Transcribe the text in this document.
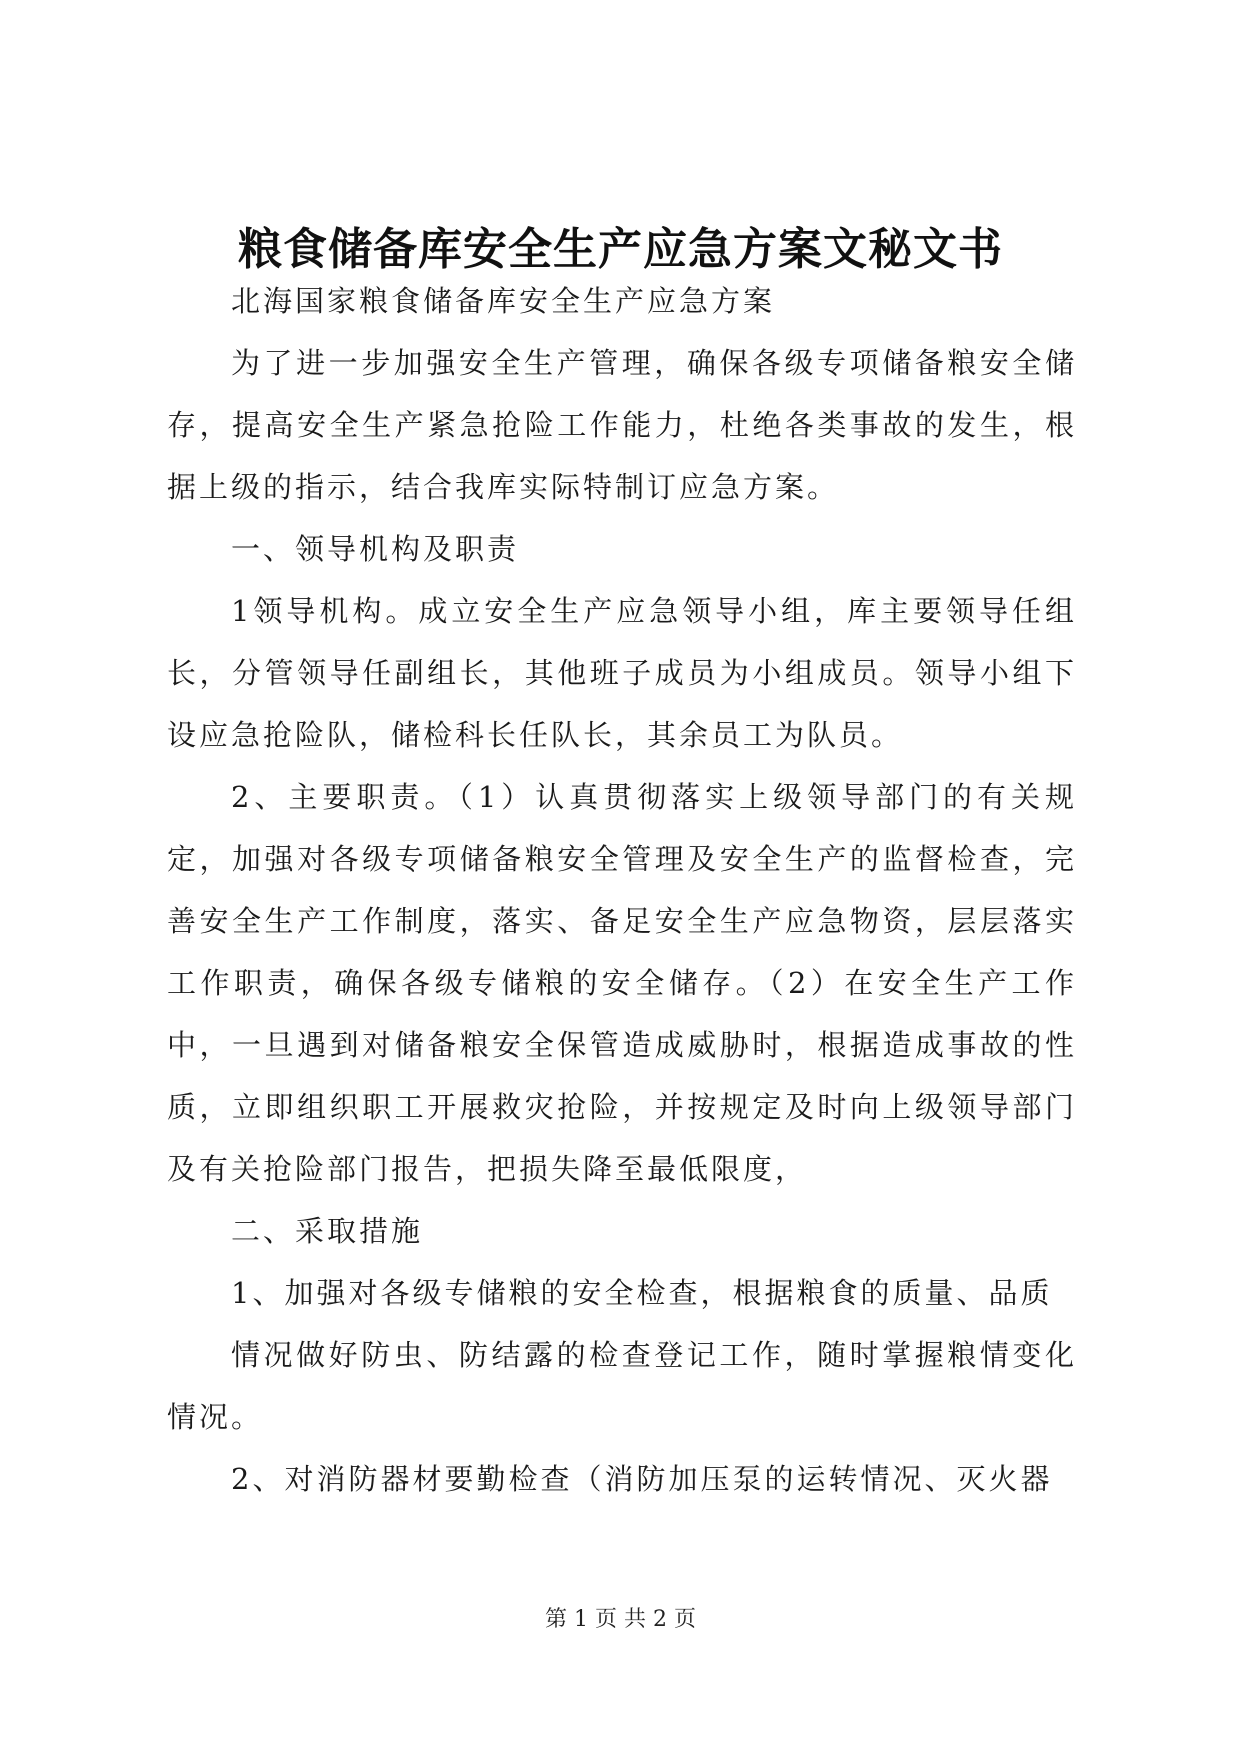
粮食储备库安全生产应急方案文秘文书

北海国家粮食储备库安全生产应急方案

为了进一步加强安全生产管理，确保各级专项储备粮安全储存，提高安全生产紧急抢险工作能力，杜绝各类事故的发生，根据上级的指示，结合我库实际特制订应急方案。

一、领导机构及职责

1领导机构。成立安全生产应急领导小组，库主要领导任组长，分管领导任副组长，其他班子成员为小组成员。领导小组下设应急抢险队，储检科长任队长，其余员工为队员。

2、主要职责。（1）认真贯彻落实上级领导部门的有关规定，加强对各级专项储备粮安全管理及安全生产的监督检查，完善安全生产工作制度，落实、备足安全生产应急物资，层层落实工作职责，确保各级专储粮的安全储存。（2）在安全生产工作中，一旦遇到对储备粮安全保管造成威胁时，根据造成事故的性质，立即组织职工开展救灾抢险，并按规定及时向上级领导部门及有关抢险部门报告，把损失降至最低限度，

二、采取措施

1、加强对各级专储粮的安全检查，根据粮食的质量、品质

情况做好防虫、防结露的检查登记工作，随时掌握粮情变化情况。

2、对消防器材要勤检查（消防加压泵的运转情况、灭火器

第 1 页 共 2 页
